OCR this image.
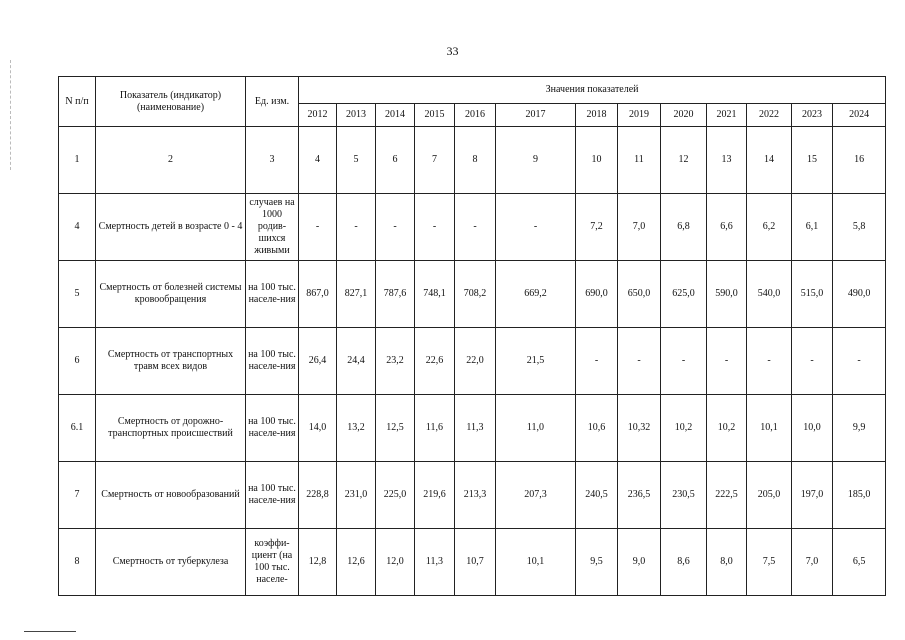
33
N п/п	Показатель (индикатор) (наименование)	Ед. изм.	Значения показателей												
			2012	2013	2014	2015	2016	2017	2018	2019	2020	2021	2022	2023	2024
1	2	3	4	5	6	7	8	9	10	11	12	13	14	15	16
4	Смертность детей в возрасте 0 - 4	случаев на 1000 родив-шихся живыми	-	-	-	-	-	-	7,2	7,0	6,8	6,6	6,2	6,1	5,8
5	Смертность от болезней системы кровообращения	на 100 тыс. населе-ния	867,0	827,1	787,6	748,1	708,2	669,2	690,0	650,0	625,0	590,0	540,0	515,0	490,0
6	Смертность от транспортных травм всех видов	на 100 тыс. населе-ния	26,4	24,4	23,2	22,6	22,0	21,5	-	-	-	-	-	-	-
6.1	Смертность от дорожно-транспортных происшествий	на 100 тыс. населе-ния	14,0	13,2	12,5	11,6	11,3	11,0	10,6	10,32	10,2	10,2	10,1	10,0	9,9
7	Смертность от новообразований	на 100 тыс. населе-ния	228,8	231,0	225,0	219,6	213,3	207,3	240,5	236,5	230,5	222,5	205,0	197,0	185,0
8	Смертность от туберкулеза	коэффи-циент (на 100 тыс. населе-	12,8	12,6	12,0	11,3	10,7	10,1	9,5	9,0	8,6	8,0	7,5	7,0	6,5
